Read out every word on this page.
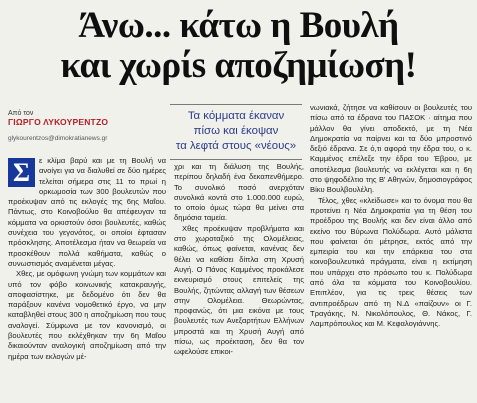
Άνω... κάτω η Βουλή
και χωρίs αποζημίωση!
Από τον
ΓΙΩΡΓΟ ΛΥΚΟΥΡΕΝΤΖΟ
glykourentzos@dimokratianews.gr
Τα κόμματα έκαναν
πίσω και έκοψαν
τα λεφτά στους «νέους»

Σ	ε κλίμα βαρύ και με τη Βουλή να ανοίγει για να διαλυθεί σε δύο ημέρες τελείται σήμερα στις 11 το πρωί η ορκωμοσία των 300 βουλευτών που προέκυψαν από τις εκλογές της 6ης Μαΐου. Πάντως, στο Κοινοβούλιο θα απέφευγαν τα κόμματα να ορκιστούν όσοι βουλευτές, καθώς συνέχεια του γεγονότος, οι οποίοι έφτασαν πρόσκλησης. Αποτέλεσμα ήταν να θεωρεία να προσκέθουν πολλά καθήματα, καθώς ο συνωστισμός αναμένεται μέγας.

Χθες, με ομόφωνη γνώμη των κομμάτων και υπό τον φόβο κοινωνικής κατακραυγής, αποφασίστηκε, με δεδομένο ότι δεν θα παράξουν κανένα νομοθετικό έργο, να μην καταβληθεί στους 300 η αποζημίωση που τους αναλογεί. Σύμφωνα με τον κανονισμό, οι βουλευτές που εκλέχθηκαν την 6η Μαΐου δικαιούνταν αναλογική αποζημίωση από την ημέρα των εκλογών μέ-

χρι και τη διάλυση της Βουλής, περίπου δηλαδή ένα δεκαπενθήμερο. Το συνολικό ποσό ανερχόταν συνολικά κοντά στο 1.000.000 ευρώ, το οποίο όμως τώρα θα μείνει στα δημόσια ταμεία.

Χθες προέκυψαν προβλήματα και στο χωροταξικό της Ολομέλειας, καθώς, όπως φαίνεται, κανένας δεν θέλει να καθίσει δίπλα στη Χρυσή Αυγή. Ο Πάνος Καμμένος προκάλεσε εκνευρισμό στους επιτελείς της Βουλής, ζητώντας αλλαγή των θέσεων στην Ολομέλεια. Θεωρώντας, προφανώς, ότι μια εικόνα με τους βουλευτές των Ανεξαρτήτων Ελλήνων μπροστά και τη Χρυσή Αυγή από πίσω, ως προέκταση, δεν θα τον ωφελούσε επικοι-

νωνιακά, ζήτησε να καθίσουν οι βουλευτές του πίσω από τα έδρανα του ΠΑΣΟΚ · αίτημα που μάλλον θα γίνει αποδεκτό, με τη Νέα Δημοκρατία να παίρνει και τα δύο μπροστινό δεξιό έδρανα. Σε ό,τι αφορά την έδρα του, ο κ. Καμμένος επέλεξε την έδρα του Έβρου, με αποτέλεσμα βουλευτής να εκλέγεται και η 6η στο ψηφοδέλτιο της Β' Αθηνών, δημοσιογράφος Βίκυ Βουλβουλέλη.

Τέλος, χθες «κλείδωσε» και το όνομα που θα προτείνει η Νέα Δημοκρατία για τη θέση του προέδρου της Βουλής και δεν είναι άλλο από εκείνο του Βύρωνα Πολύδωρα. Αυτό μάλιστα που φαίνεται ότι μέτρησε, εκτός από την εμπειρία του και την επάρκεια του στα κοινοβουλευτικά πράγματα, είναι η εκτίμηση που υπάρχει στο πρόσωπο του κ. Πολύδωρα από όλα τα κόμματα του Κοινοβουλίου. Επιπλέον, για τις τρεις θέσεις των αντιπροέδρων από τη Ν.Δ «παίζουν» οι Γ. Τραγάκης, Ν. Νικολόπουλος, Θ. Νάκος, Γ. Λαμπρόπουλος και Μ. Κεφαλογιάννης.
